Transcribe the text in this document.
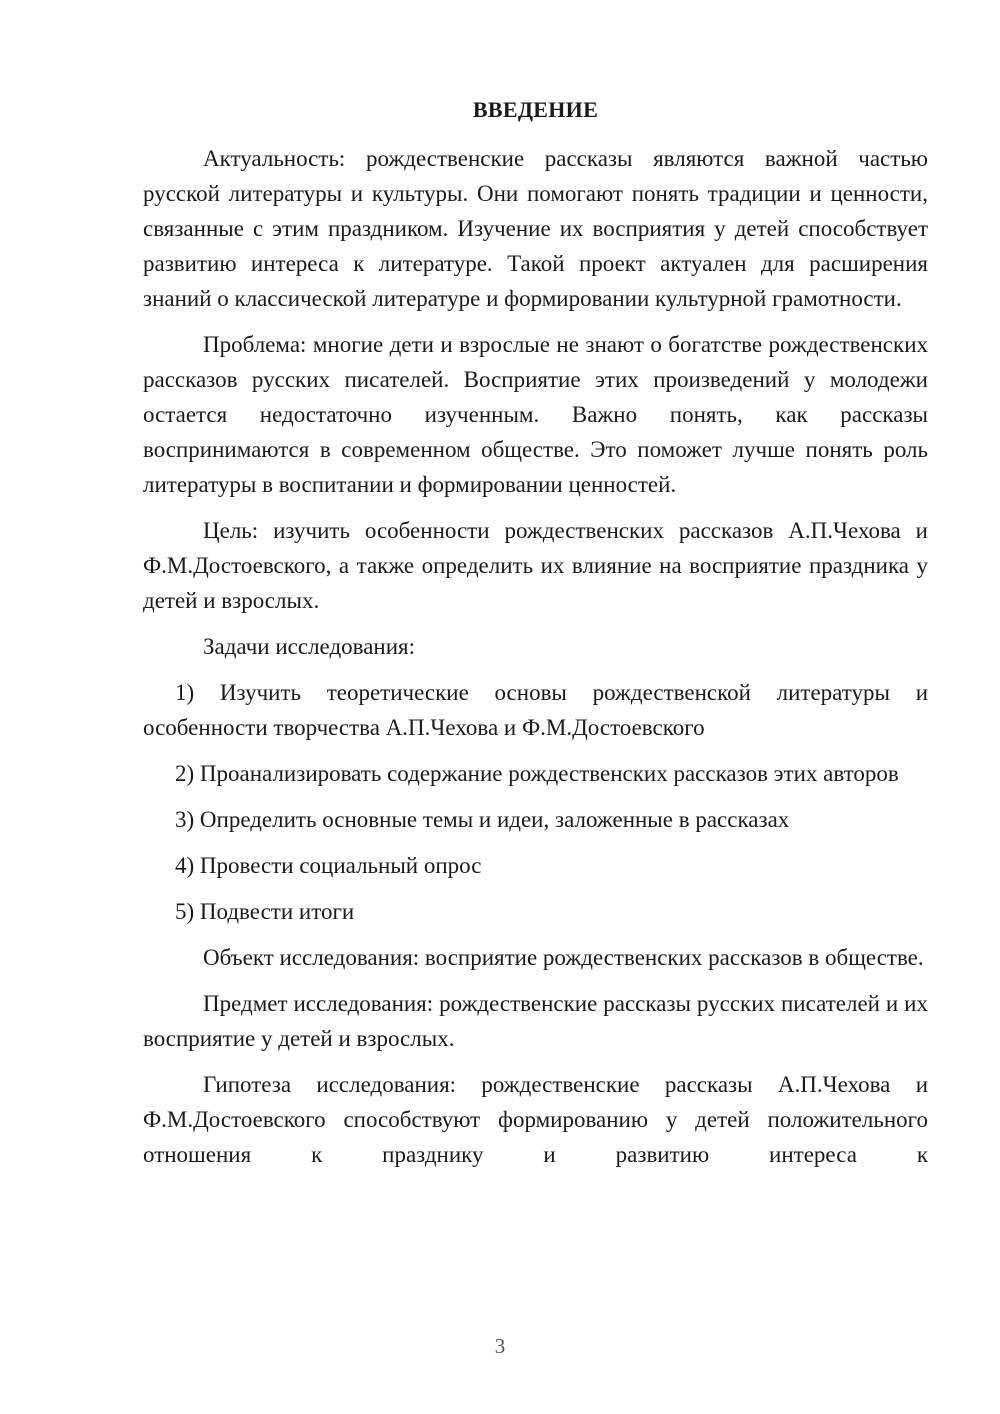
ВВЕДЕНИЕ
Актуальность: рождественские рассказы являются важной частью русской литературы и культуры. Они помогают понять традиции и ценности, связанные с этим праздником. Изучение их восприятия у детей способствует развитию интереса к литературе. Такой проект актуален для расширения знаний о классической литературе и формировании культурной грамотности.
Проблема: многие дети и взрослые не знают о богатстве рождественских рассказов русских писателей. Восприятие этих произведений у молодежи остается недостаточно изученным. Важно понять, как рассказы воспринимаются в современном обществе. Это поможет лучше понять роль литературы в воспитании и формировании ценностей.
Цель: изучить особенности рождественских рассказов А.П.Чехова и Ф.М.Достоевского, а также определить их влияние на восприятие праздника у детей и взрослых.
Задачи исследования:
1) Изучить теоретические основы рождественской литературы и особенности творчества А.П.Чехова и Ф.М.Достоевского
2) Проанализировать содержание рождественских рассказов этих авторов
3) Определить основные темы и идеи, заложенные в рассказах
4) Провести социальный опрос
5) Подвести итоги
Объект исследования: восприятие рождественских рассказов в обществе.
Предмет исследования: рождественские рассказы русских писателей и их восприятие у детей и взрослых.
Гипотеза исследования: рождественские рассказы А.П.Чехова и Ф.М.Достоевского способствуют формированию у детей положительного отношения к празднику и развитию интереса к
3
